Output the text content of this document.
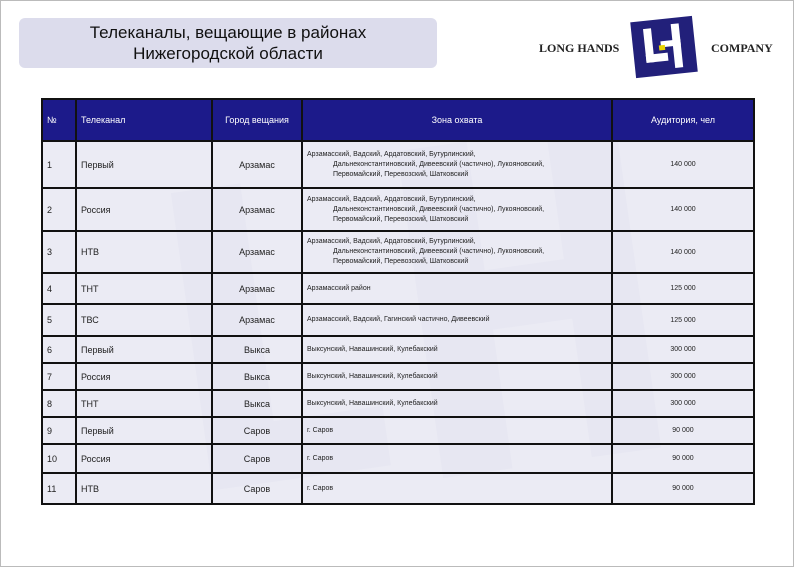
Телеканалы, вещающие в районах
Нижегородской области	LONG HANDS	COMPANY
№	Телеканал	Город вещания	Зона охвата	Аудитория, чел
1	Первый	Арзамас	Арзамасский, Вадский, Ардатовский, Бутурлинский,
Дальнеконстантиновский, Дивеевский (частично), Лукояновский,
Первомайский, Перевозский, Шатковский	140 000
2	Россия	Арзамас	Арзамасский, Вадский, Ардатовский, Бутурлинский,
Дальнеконстантиновский, Дивеевский (частично), Лукояновский,
Первомайский, Перевозский, Шатковский	140 000
3	НТВ	Арзамас	Арзамасский, Вадский, Ардатовский, Бутурлинский,
Дальнеконстантиновский, Дивеевский (частично), Лукояновский,
Первомайский, Перевозский, Шатковский	140 000
4	ТНТ	Арзамас	Арзамасский район	125 000
5	ТВС	Арзамас	Арзамасский, Вадский, Гагинский частично, Дивеевский	125 000
6	Первый	Выкса	Выксунский, Навашинский, Кулебакский	300 000
7	Россия	Выкса	Выксунский, Навашинский, Кулебакский	300 000
8	ТНТ	Выкса	Выксунский, Навашинский, Кулебакский	300 000
9	Первый	Саров	г. Саров	90 000
10	Россия	Саров	г. Саров	90 000
11	НТВ	Саров	г. Саров	90 000
